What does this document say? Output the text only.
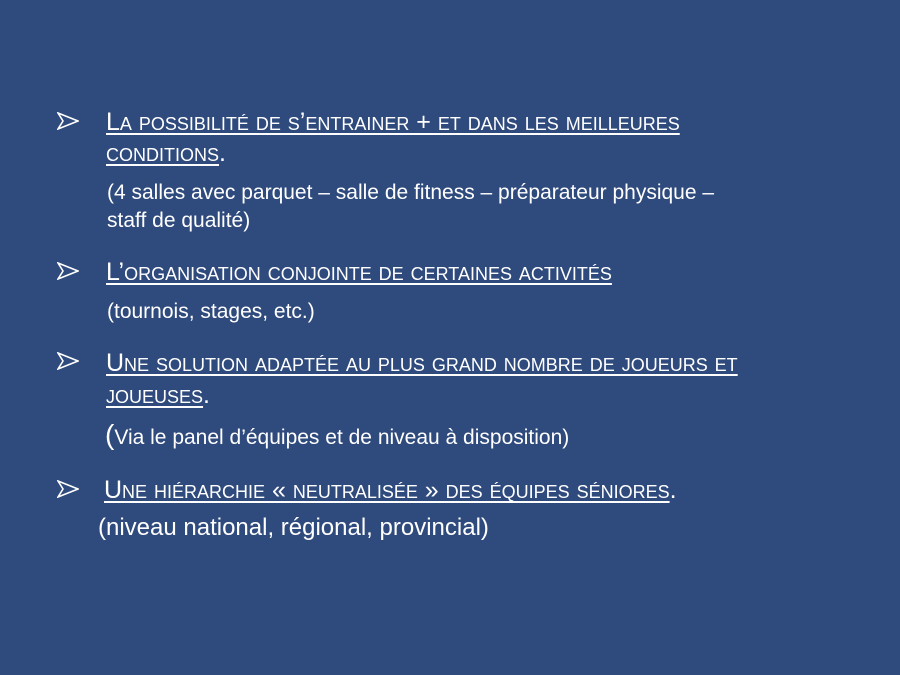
La possibilité de s’entrainer + et dans les meilleures
conditions.
(4 salles avec parquet – salle de fitness – préparateur physique –
staff de qualité)
L’organisation conjointe de certaines activités
(tournois, stages, etc.)
Une solution adaptée au plus grand nombre de joueurs et
joueuses.
(Via le panel d’équipes et de niveau à disposition)
Une hiérarchie « neutralisée » des équipes séniores.
(niveau national, régional, provincial)
